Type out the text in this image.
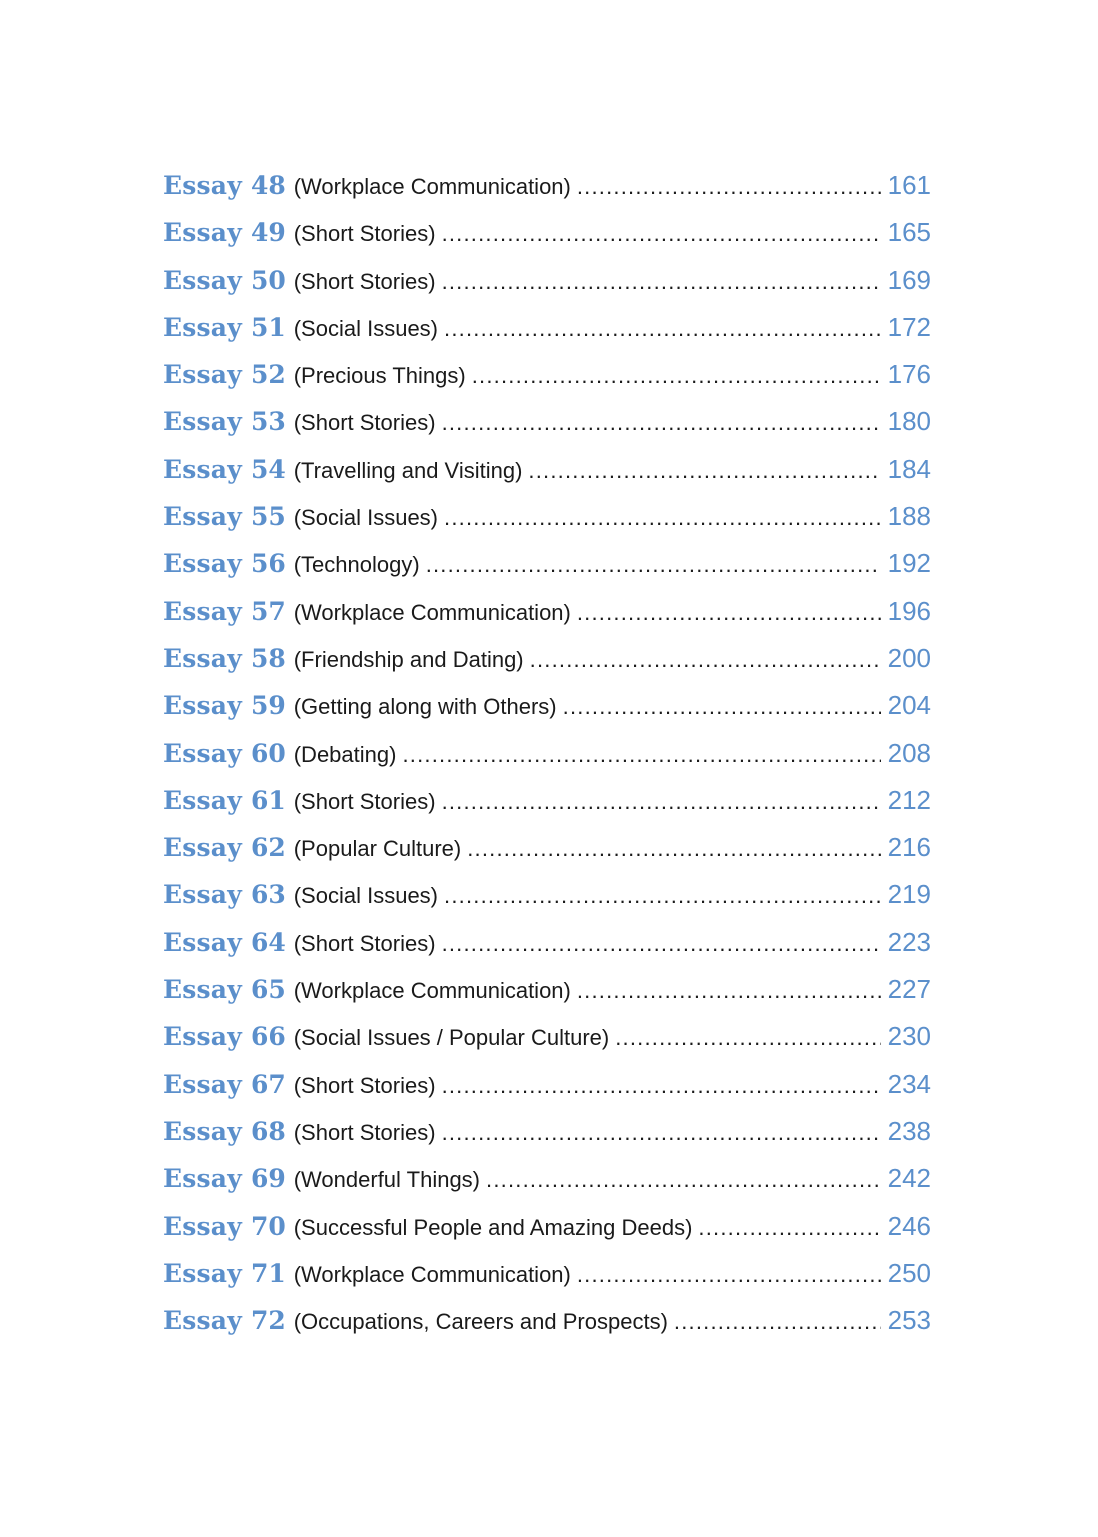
Essay 48 (Workplace Communication) .....	161
Essay 49 (Short Stories) .....	165
Essay 50 (Short Stories) .....	169
Essay 51 (Social Issues) .....	172
Essay 52 (Precious Things) .....	176
Essay 53 (Short Stories) .....	180
Essay 54 (Travelling and Visiting) .....	184
Essay 55 (Social Issues) .....	188
Essay 56 (Technology) .....	192
Essay 57 (Workplace Communication) .....	196
Essay 58 (Friendship and Dating) .....	200
Essay 59 (Getting along with Others) .....	204
Essay 60 (Debating) .....	208
Essay 61 (Short Stories) .....	212
Essay 62 (Popular Culture) .....	216
Essay 63 (Social Issues) .....	219
Essay 64 (Short Stories) .....	223
Essay 65 (Workplace Communication) .....	227
Essay 66 (Social Issues / Popular Culture) .....	230
Essay 67 (Short Stories) .....	234
Essay 68 (Short Stories) .....	238
Essay 69 (Wonderful Things) .....	242
Essay 70 (Successful People and Amazing Deeds) .....	246
Essay 71 (Workplace Communication) .....	250
Essay 72 (Occupations, Careers and Prospects) .....	253
